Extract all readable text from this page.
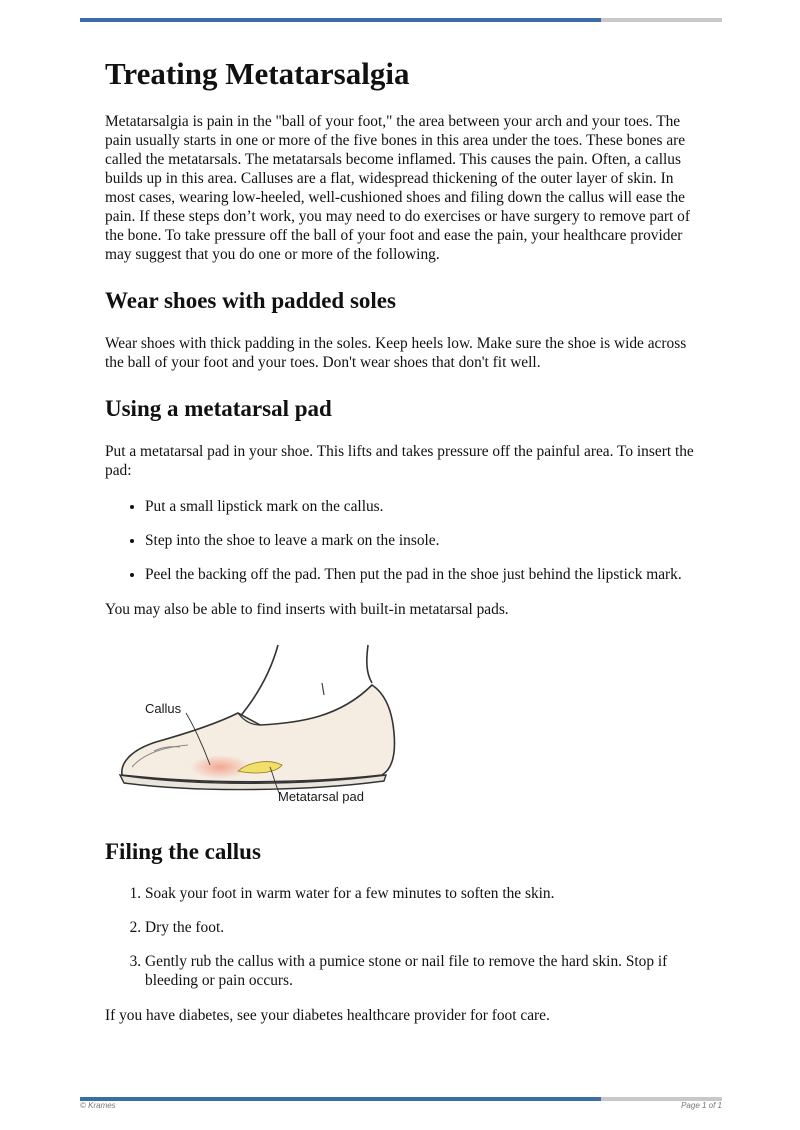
Treating Metatarsalgia

Metatarsalgia is pain in the "ball of your foot," the area between your arch and your toes. The pain usually starts in one or more of the five bones in this area under the toes. These bones are called the metatarsals. The metatarsals become inflamed. This causes the pain. Often, a callus builds up in this area. Calluses are a flat, widespread thickening of the outer layer of skin. In most cases, wearing low-heeled, well-cushioned shoes and filing down the callus will ease the pain. If these steps don’t work, you may need to do exercises or have surgery to remove part of the bone. To take pressure off the ball of your foot and ease the pain, your healthcare provider may suggest that you do one or more of the following.

Wear shoes with padded soles

Wear shoes with thick padding in the soles. Keep heels low. Make sure the shoe is wide across the ball of your foot and your toes. Don't wear shoes that don't fit well.

Using a metatarsal pad

Put a metatarsal pad in your shoe. This lifts and takes pressure off the painful area. To insert the pad:

• Put a small lipstick mark on the callus.
• Step into the shoe to leave a mark on the insole.
• Peel the backing off the pad. Then put the pad in the shoe just behind the lipstick mark.

You may also be able to find inserts with built-in metatarsal pads.

Callus
Metatarsal pad
Filing the callus
1. Soak your foot in warm water for a few minutes to soften the skin.
2. Dry the foot.
3. Gently rub the callus with a pumice stone or nail file to remove the hard skin. Stop if bleeding or pain occurs.

If you have diabetes, see your diabetes healthcare provider for foot care.

© Krames	Page 1 of 1
